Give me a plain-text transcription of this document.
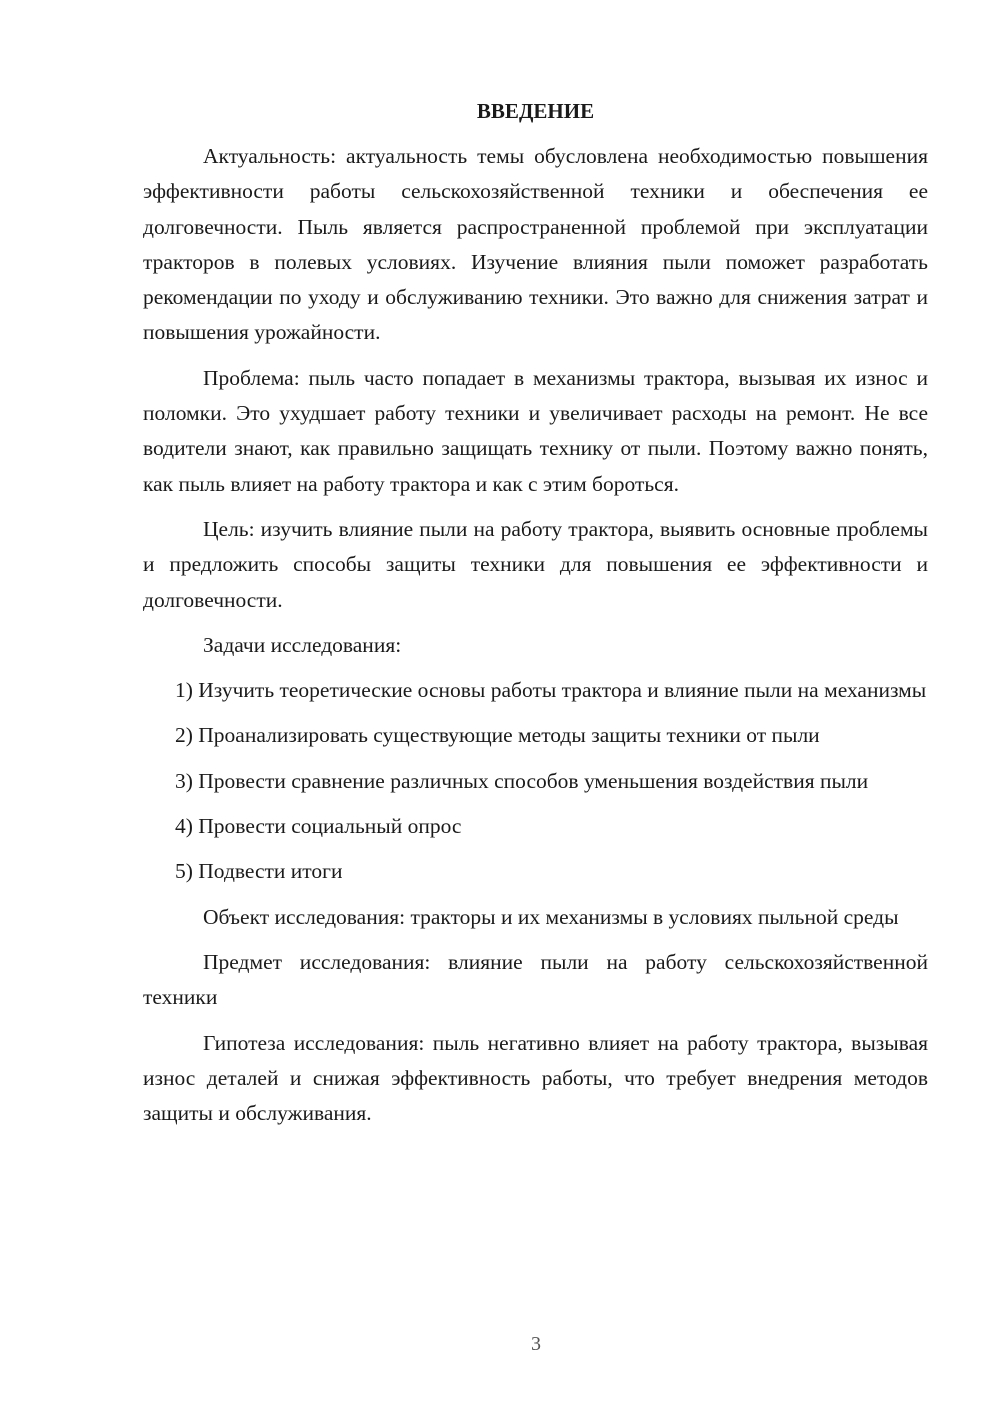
ВВЕДЕНИЕ

Актуальность: актуальность темы обусловлена необходимостью повышения эффективности работы сельскохозяйственной техники и обеспечения ее долговечности. Пыль является распространенной проблемой при эксплуатации тракторов в полевых условиях. Изучение влияния пыли поможет разработать рекомендации по уходу и обслуживанию техники. Это важно для снижения затрат и повышения урожайности.

Проблема: пыль часто попадает в механизмы трактора, вызывая их износ и поломки. Это ухудшает работу техники и увеличивает расходы на ремонт. Не все водители знают, как правильно защищать технику от пыли. Поэтому важно понять, как пыль влияет на работу трактора и как с этим бороться.

Цель: изучить влияние пыли на работу трактора, выявить основные проблемы и предложить способы защиты техники для повышения ее эффективности и долговечности.

Задачи исследования:

1) Изучить теоретические основы работы трактора и влияние пыли на механизмы

2) Проанализировать существующие методы защиты техники от пыли

3) Провести сравнение различных способов уменьшения воздействия пыли

4) Провести социальный опрос

5) Подвести итоги

Объект исследования: тракторы и их механизмы в условиях пыльной среды

Предмет исследования: влияние пыли на работу сельскохозяйственной техники

Гипотеза исследования: пыль негативно влияет на работу трактора, вызывая износ деталей и снижая эффективность работы, что требует внедрения методов защиты и обслуживания.

3
